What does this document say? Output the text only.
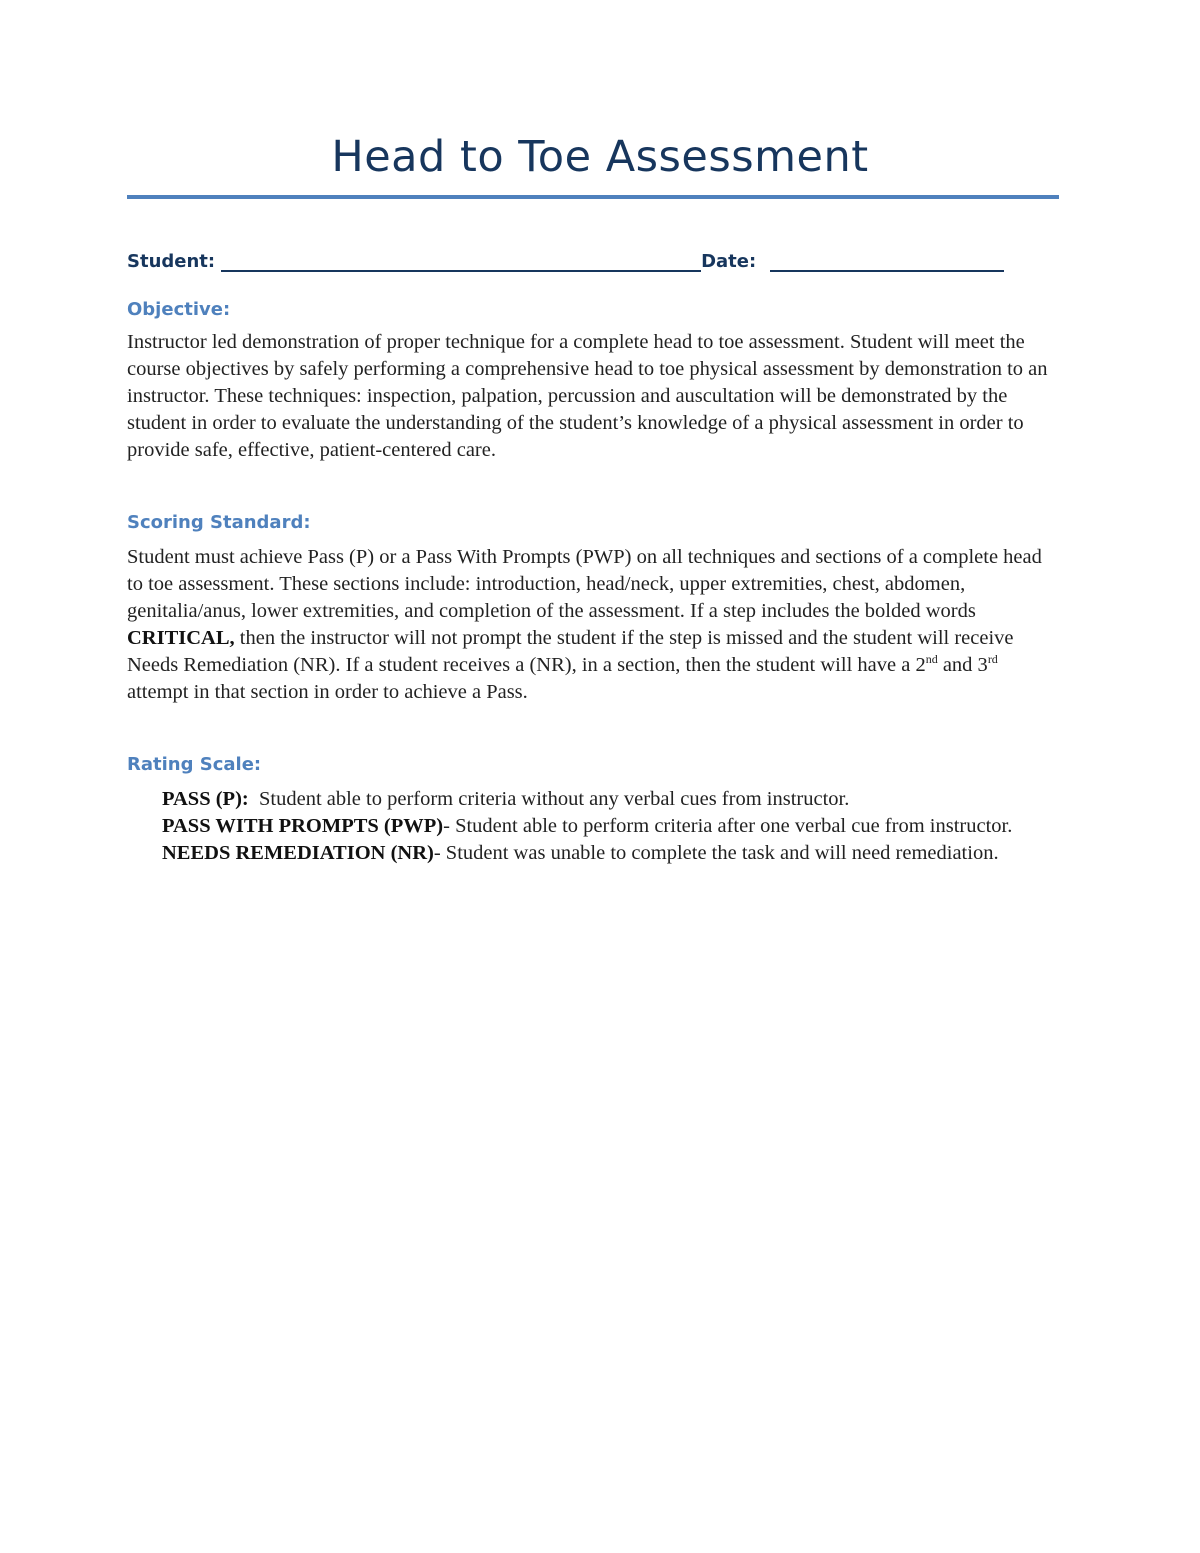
Head to Toe Assessment
Student:	Date:
Objective:

Instructor led demonstration of proper technique for a complete head to toe assessment. Student will meet the course objectives by safely performing a comprehensive head to toe physical assessment by demonstration to an instructor. These techniques: inspection, palpation, percussion and auscultation will be demonstrated by the student in order to evaluate the understanding of the student’s knowledge of a physical assessment in order to provide safe, effective, patient-centered care.

Scoring Standard:

Student must achieve Pass (P) or a Pass With Prompts (PWP) on all techniques and sections of a complete head to toe assessment. These sections include: introduction, head/neck, upper extremities, chest, abdomen, genitalia/anus, lower extremities, and completion of the assessment. If a step includes the bolded words CRITICAL, then the instructor will not prompt the student if the step is missed and the student will receive Needs Remediation (NR). If a student receives a (NR), in a section, then the student will have a 2nd and 3rd attempt in that section in order to achieve a Pass.

Rating Scale:

PASS (P):  Student able to perform criteria without any verbal cues from instructor.

PASS WITH PROMPTS (PWP)- Student able to perform criteria after one verbal cue from instructor.

NEEDS REMEDIATION (NR)- Student was unable to complete the task and will need remediation.
